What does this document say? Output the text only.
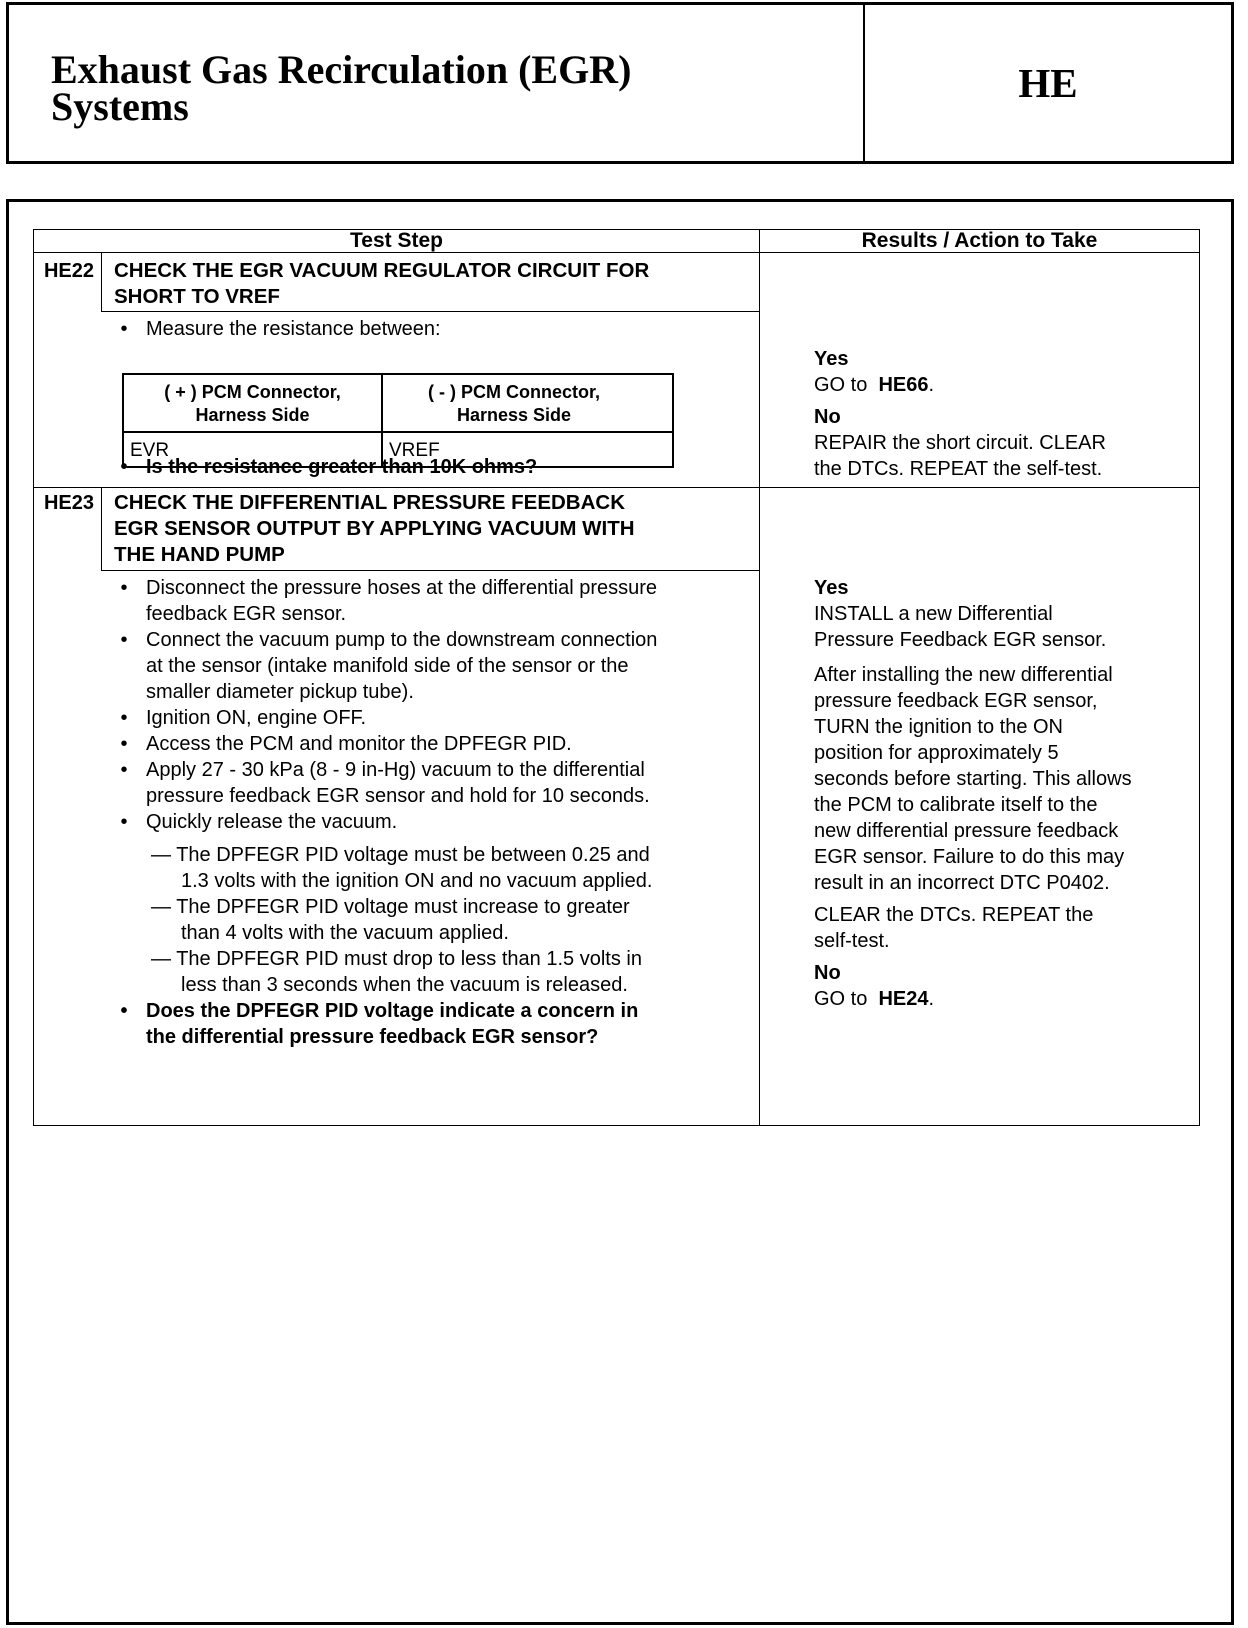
Exhaust Gas Recirculation (EGR)
Systems
HE
Test Step	Results / Action to Take
HE22 CHECK THE EGR VACUUM REGULATOR CIRCUIT FOR
SHORT TO VREF
• Measure the resistance between:
( + ) PCM Connector,
Harness Side
( - ) PCM Connector,
Harness Side
EVR	VREF
• Is the resistance greater than 10K ohms?
Yes
GO to HE66.
No
REPAIR the short circuit. CLEAR
the DTCs. REPEAT the self-test.
HE23 CHECK THE DIFFERENTIAL PRESSURE FEEDBACK
EGR SENSOR OUTPUT BY APPLYING VACUUM WITH
THE HAND PUMP
• Disconnect the pressure hoses at the differential pressure
feedback EGR sensor.
• Connect the vacuum pump to the downstream connection
at the sensor (intake manifold side of the sensor or the
smaller diameter pickup tube).
• Ignition ON, engine OFF.
• Access the PCM and monitor the DPFEGR PID.
• Apply 27 - 30 kPa (8 - 9 in-Hg) vacuum to the differential
pressure feedback EGR sensor and hold for 10 seconds.
• Quickly release the vacuum.
— The DPFEGR PID voltage must be between 0.25 and
1.3 volts with the ignition ON and no vacuum applied.
— The DPFEGR PID voltage must increase to greater
than 4 volts with the vacuum applied.
— The DPFEGR PID must drop to less than 1.5 volts in
less than 3 seconds when the vacuum is released.
• Does the DPFEGR PID voltage indicate a concern in
the differential pressure feedback EGR sensor?
Yes
INSTALL a new Differential
Pressure Feedback EGR sensor.
After installing the new differential
pressure feedback EGR sensor,
TURN the ignition to the ON
position for approximately 5
seconds before starting. This allows
the PCM to calibrate itself to the
new differential pressure feedback
EGR sensor. Failure to do this may
result in an incorrect DTC P0402.
CLEAR the DTCs. REPEAT the
self-test.
No
GO to HE24.
